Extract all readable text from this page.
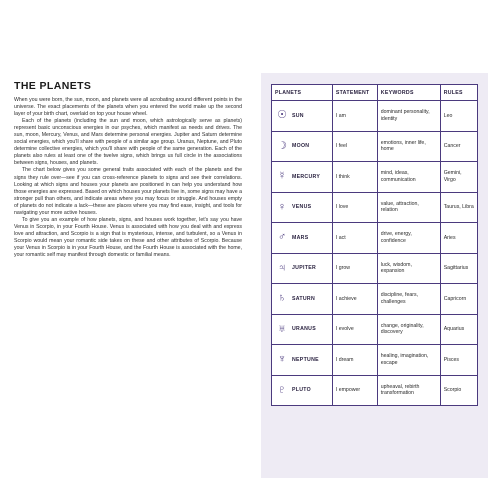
THE PLANETS

When you were born, the sun, moon, and planets were all acrobating around different points in the universe. The exact placements of the planets when you entered the world make up the second layer of your birth chart, overlaid on top your house wheel.

Each of the planets (including the sun and moon, which astrologically serve as planets) represent basic unconscious energies in our psyches, which manifest as needs and drives. The sun, moon, Mercury, Venus, and Mars determine personal energies. Jupiter and Saturn determine social energies, which you'll share with people of a similar age group. Uranus, Neptune, and Pluto determine collective energies, which you'll share with people of the same generation. Each of the planets also rules at least one of the twelve signs, which brings us full circle in the associations between signs, houses, and planets.

The chart below gives you some general traits associated with each of the planets and the signs they rule over—see if you can cross-reference planets to signs and see their correlations. Looking at which signs and houses your planets are positioned in can help you understand how those energies are expressed. Based on which houses your planets live in, some signs may have a stronger pull than others, and indicate areas where you may focus or struggle. And houses empty of planets do not indicate a lack—these are places where you may find ease, insight, and tools for navigating your more active houses.

To give you an example of how planets, signs, and houses work together, let's say you have Venus in Scorpio, in your Fourth House. Venus is associated with how you deal with and express love and attraction, and Scorpio is a sign that is mysterious, intense, and turbulent, so a Venus in Scorpio would mean your romantic side takes on these and other attributes of Scorpio. Because your Venus in Scorpio is in your Fourth House, and the Fourth House is associated with the home, your romantic self may manifest through domestic or familial means.

PLANETS	STATEMENT	KEYWORDS	RULES

☉ SUN	I am	dominant personality, identity	Leo

☽ MOON	I feel	emotions, inner life, home	Cancer

☿ MERCURY	I think	mind, ideas, communication	Gemini, Virgo

♀ VENUS	I love	value, attraction, relation	Taurus, Libra

♂ MARS	I act	drive, energy, confidence	Aries

♃ JUPITER	I grow	luck, wisdom, expansion	Sagittarius

♄ SATURN	I achieve	discipline, fears, challenges	Capricorn

♅ URANUS	I evolve	change, originality, discovery	Aquarius

♆ NEPTUNE	I dream	healing, imagination, escape	Pisces

♇ PLUTO	I empower	upheaval, rebirth transformation	Scorpio
